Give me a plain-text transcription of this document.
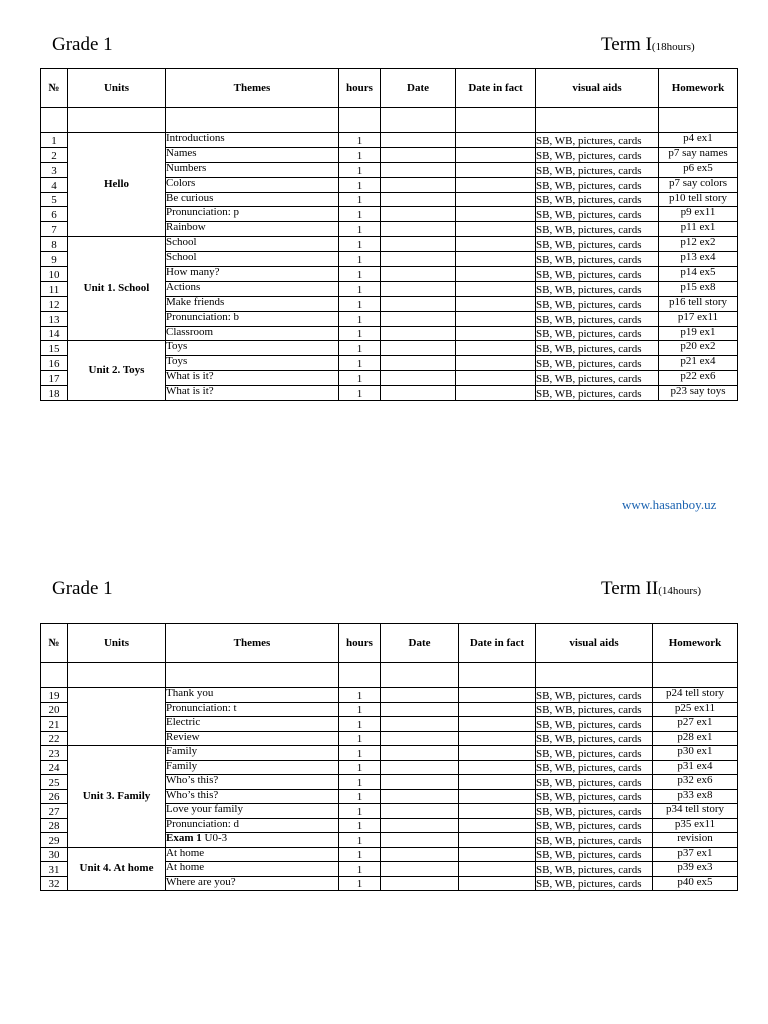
Grade 1	Term I(18hours)
№	Units	Themes	hours	Date	Date in fact	visual aids	Homework

1	Hello	Introductions	1			SB, WB, pictures, cards	p4 ex1
2		Names	1			SB, WB, pictures, cards	p7 say names
3		Numbers	1			SB, WB, pictures, cards	p6 ex5
4		Colors	1			SB, WB, pictures, cards	p7 say colors
5		Be curious	1			SB, WB, pictures, cards	p10 tell story
6		Pronunciation: p	1			SB, WB, pictures, cards	p9 ex11
7		Rainbow	1			SB, WB, pictures, cards	p11 ex1
8	Unit 1. School	School	1			SB, WB, pictures, cards	p12 ex2
9		School	1			SB, WB, pictures, cards	p13 ex4
10		How many?	1			SB, WB, pictures, cards	p14 ex5
11		Actions	1			SB, WB, pictures, cards	p15 ex8
12		Make friends	1			SB, WB, pictures, cards	p16 tell story
13		Pronunciation: b	1			SB, WB, pictures, cards	p17 ex11
14		Classroom	1			SB, WB, pictures, cards	p19 ex1
15	Unit 2. Toys	Toys	1			SB, WB, pictures, cards	p20 ex2
16		Toys	1			SB, WB, pictures, cards	p21 ex4
17		What is it?	1			SB, WB, pictures, cards	p22 ex6
18		What is it?	1			SB, WB, pictures, cards	p23 say toys
www.hasanboy.uz
Grade 1	Term II(14hours)
№	Units	Themes	hours	Date	Date in fact	visual aids	Homework

19		Thank you	1			SB, WB, pictures, cards	p24 tell story
20		Pronunciation: t	1			SB, WB, pictures, cards	p25 ex11
21		Electric	1			SB, WB, pictures, cards	p27 ex1
22		Review	1			SB, WB, pictures, cards	p28 ex1
23	Unit 3. Family	Family	1			SB, WB, pictures, cards	p30 ex1
24		Family	1			SB, WB, pictures, cards	p31 ex4
25		Who’s this?	1			SB, WB, pictures, cards	p32 ex6
26		Who’s this?	1			SB, WB, pictures, cards	p33 ex8
27		Love your family	1			SB, WB, pictures, cards	p34 tell story
28		Pronunciation: d	1			SB, WB, pictures, cards	p35 ex11
29		Exam 1 U0-3	1			SB, WB, pictures, cards	revision
30	Unit 4. At home	At home	1			SB, WB, pictures, cards	p37 ex1
31		At home	1			SB, WB, pictures, cards	p39 ex3
32		Where are you?	1			SB, WB, pictures, cards	p40 ex5
